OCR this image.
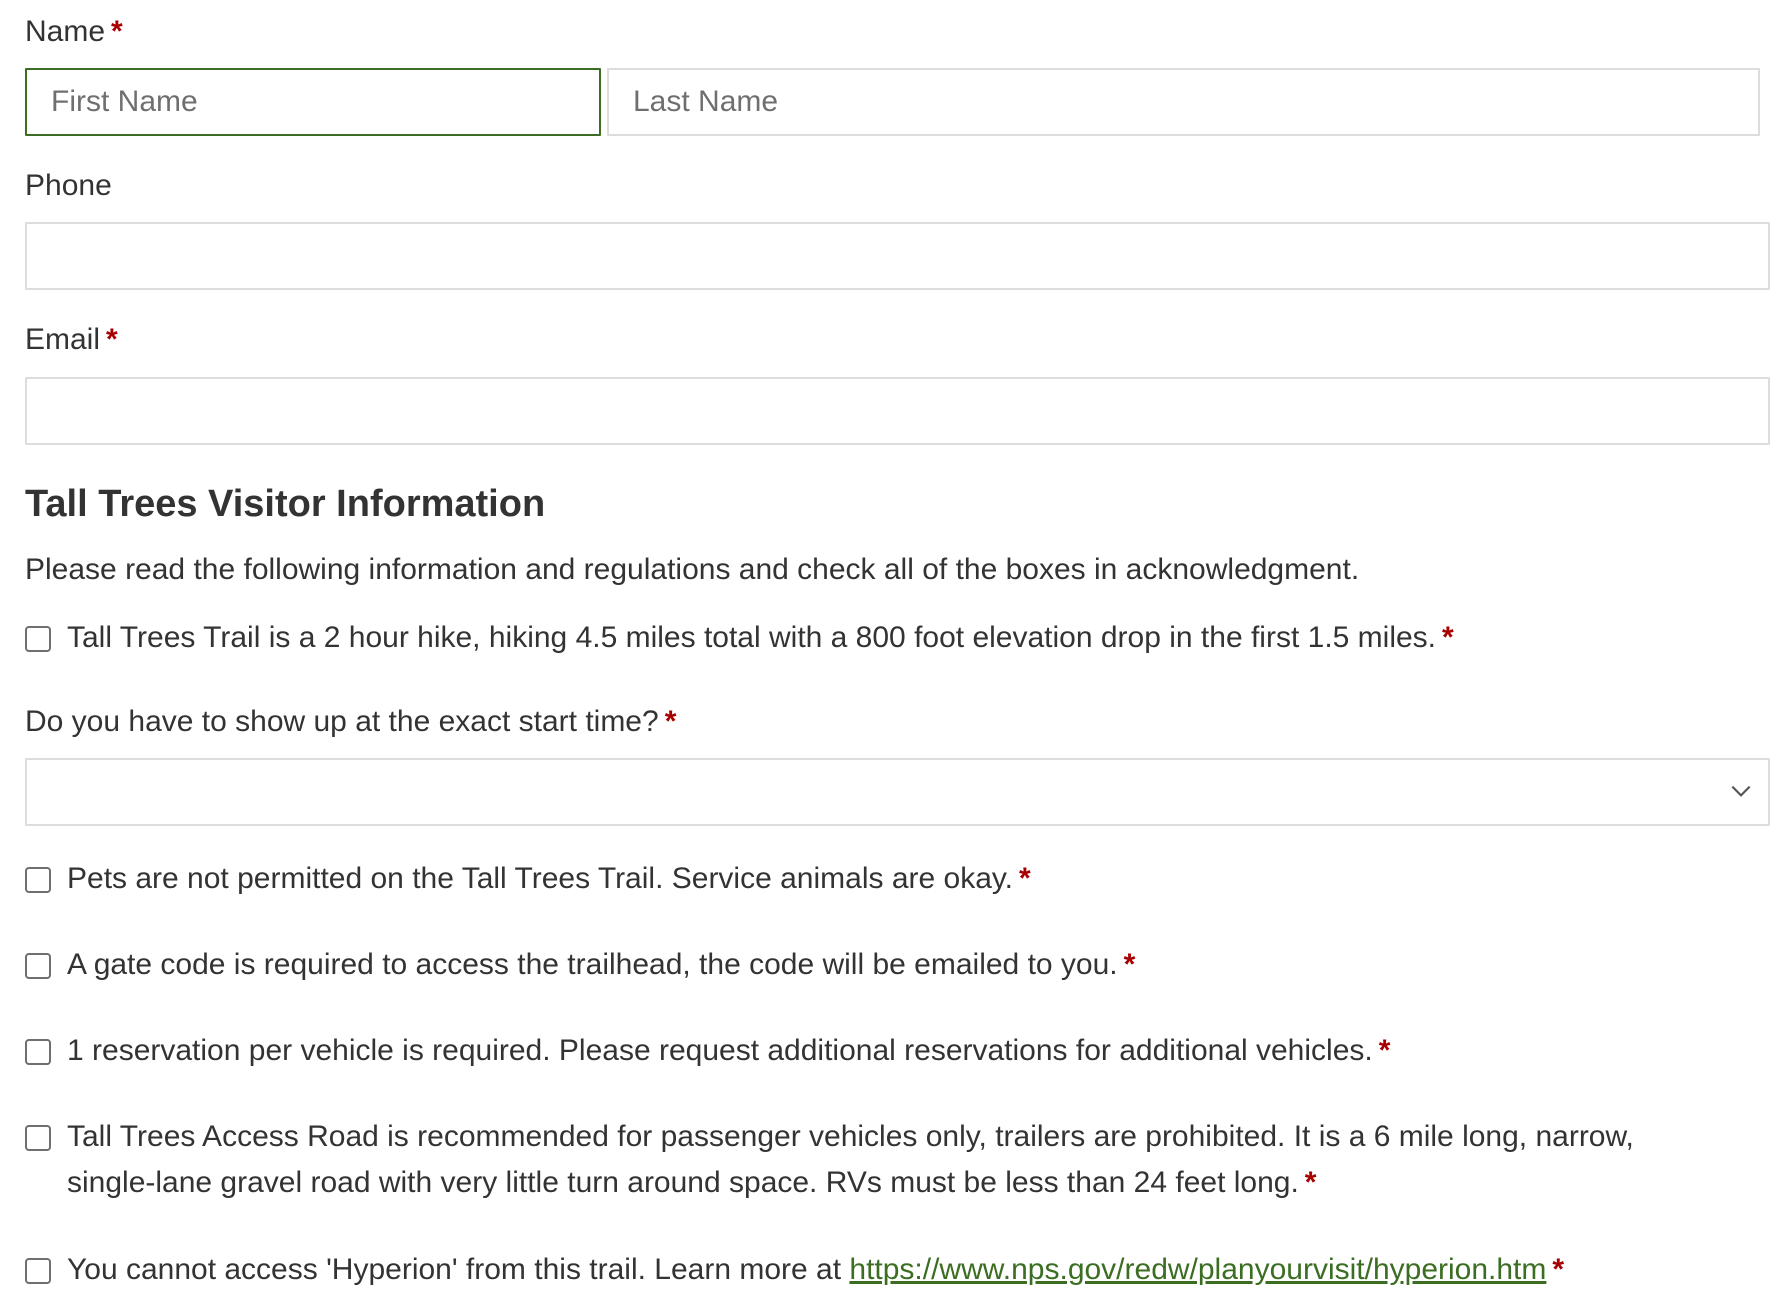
Name *
First Name
Last Name
Phone
Email *
Tall Trees Visitor Information
Please read the following information and regulations and check all of the boxes in acknowledgment.
Tall Trees Trail is a 2 hour hike, hiking 4.5 miles total with a 800 foot elevation drop in the first 1.5 miles. *
Do you have to show up at the exact start time? *
Pets are not permitted on the Tall Trees Trail. Service animals are okay. *
A gate code is required to access the trailhead, the code will be emailed to you. *
1 reservation per vehicle is required. Please request additional reservations for additional vehicles. *
Tall Trees Access Road is recommended for passenger vehicles only, trailers are prohibited. It is a 6 mile long, narrow, single-lane gravel road with very little turn around space. RVs must be less than 24 feet long. *
You cannot access 'Hyperion' from this trail. Learn more at https://www.nps.gov/redw/planyourvisit/hyperion.htm *
